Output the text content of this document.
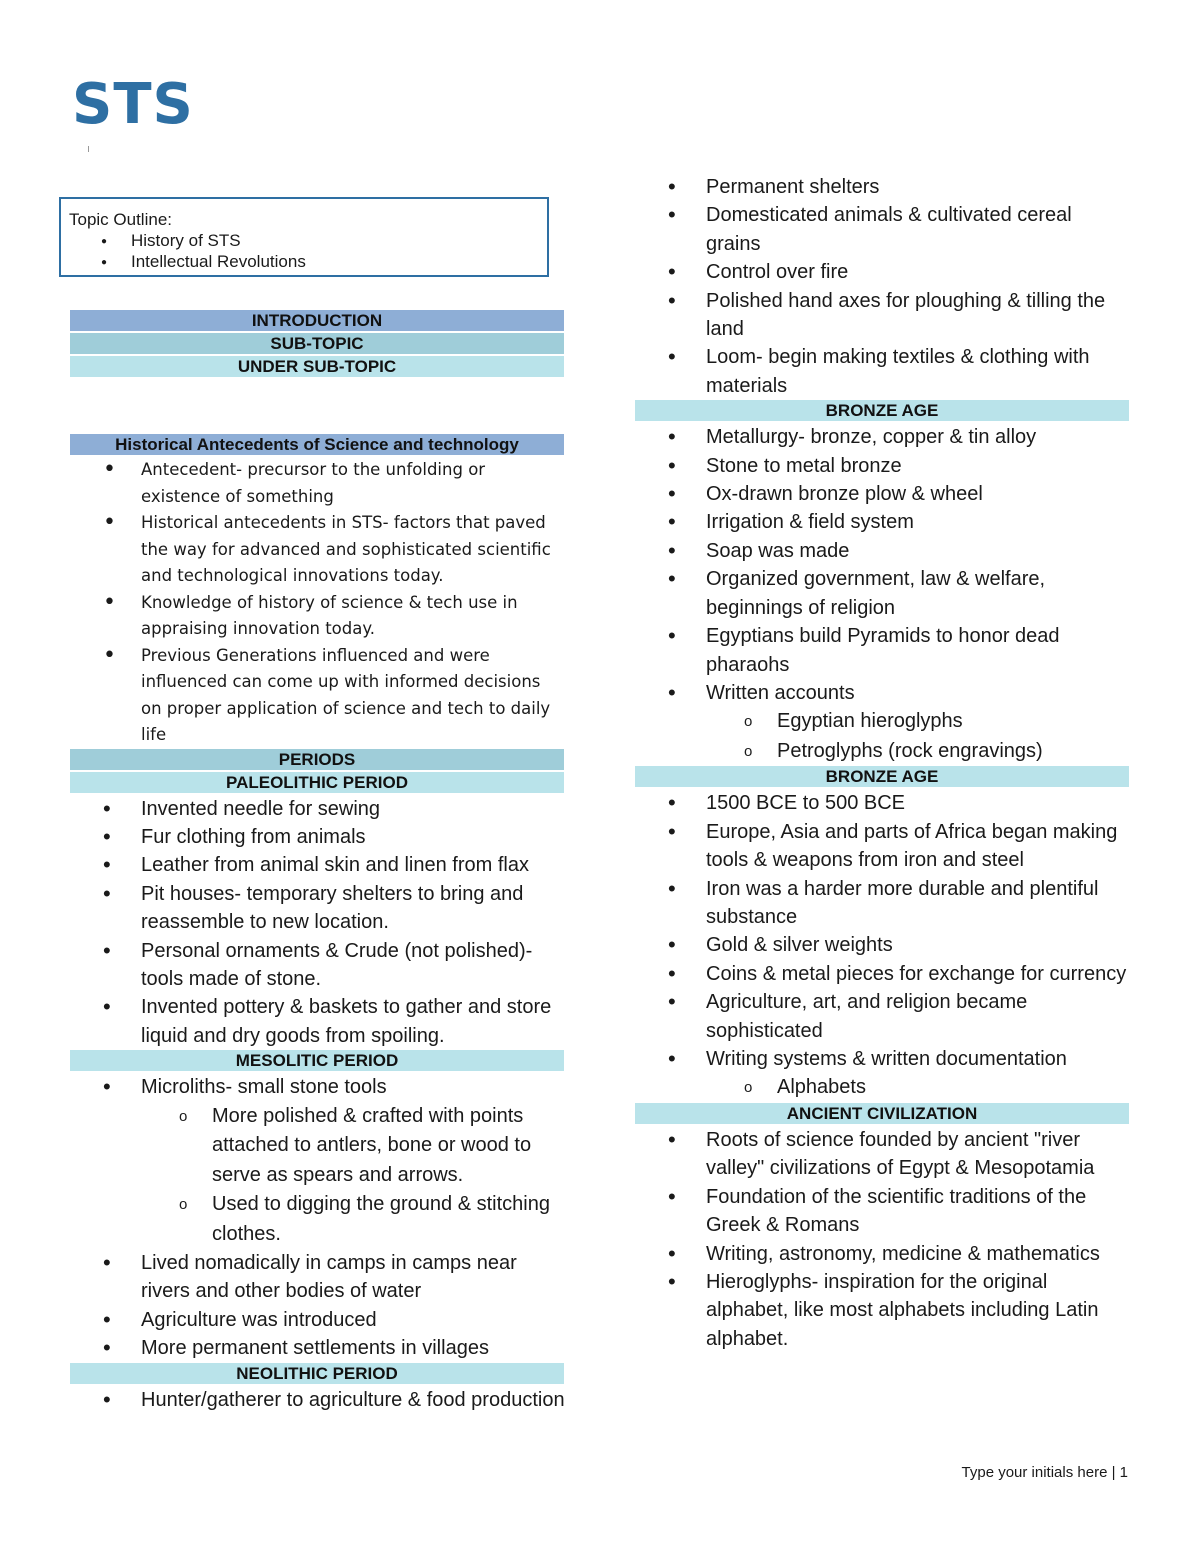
STS
Topic Outline:
● History of STS
● Intellectual Revolutions
INTRODUCTION
SUB-TOPIC
UNDER SUB-TOPIC
Historical Antecedents of Science and technology
• Antecedent- precursor to the unfolding or existence of something
• Historical antecedents in STS- factors that paved the way for advanced and sophisticated scientific and technological innovations today.
• Knowledge of history of science & tech use in appraising innovation today.
• Previous Generations influenced and were influenced can come up with informed decisions on proper application of science and tech to daily life
PERIODS
PALEOLITHIC PERIOD
• Invented needle for sewing
• Fur clothing from animals
• Leather from animal skin and linen from flax
• Pit houses- temporary shelters to bring and reassemble to new location.
• Personal ornaments & Crude (not polished)- tools made of stone.
• Invented pottery & baskets to gather and store liquid and dry goods from spoiling.
MESOLITIC PERIOD
• Microliths- small stone tools
o More polished & crafted with points attached to antlers, bone or wood to serve as spears and arrows.
o Used to digging the ground & stitching clothes.
• Lived nomadically in camps in camps near rivers and other bodies of water
• Agriculture was introduced
• More permanent settlements in villages
NEOLITHIC PERIOD
• Hunter/gatherer to agriculture & food production
• Permanent shelters
• Domesticated animals & cultivated cereal grains
• Control over fire
• Polished hand axes for ploughing & tilling the land
• Loom- begin making textiles & clothing with materials
BRONZE AGE
• Metallurgy- bronze, copper & tin alloy
• Stone to metal bronze
• Ox-drawn bronze plow & wheel
• Irrigation & field system
• Soap was made
• Organized government, law & welfare, beginnings of religion
• Egyptians build Pyramids to honor dead pharaohs
• Written accounts
o Egyptian hieroglyphs
o Petroglyphs (rock engravings)
BRONZE AGE
• 1500 BCE to 500 BCE
• Europe, Asia and parts of Africa began making tools & weapons from iron and steel
• Iron was a harder more durable and plentiful substance
• Gold & silver weights
• Coins & metal pieces for exchange for currency
• Agriculture, art, and religion became sophisticated
• Writing systems & written documentation
o Alphabets
ANCIENT CIVILIZATION
• Roots of science founded by ancient "river valley" civilizations of Egypt & Mesopotamia
• Foundation of the scientific traditions of the Greek & Romans
• Writing, astronomy, medicine & mathematics
• Hieroglyphs- inspiration for the original alphabet, like most alphabets including Latin alphabet.
Type your initials here | 1
